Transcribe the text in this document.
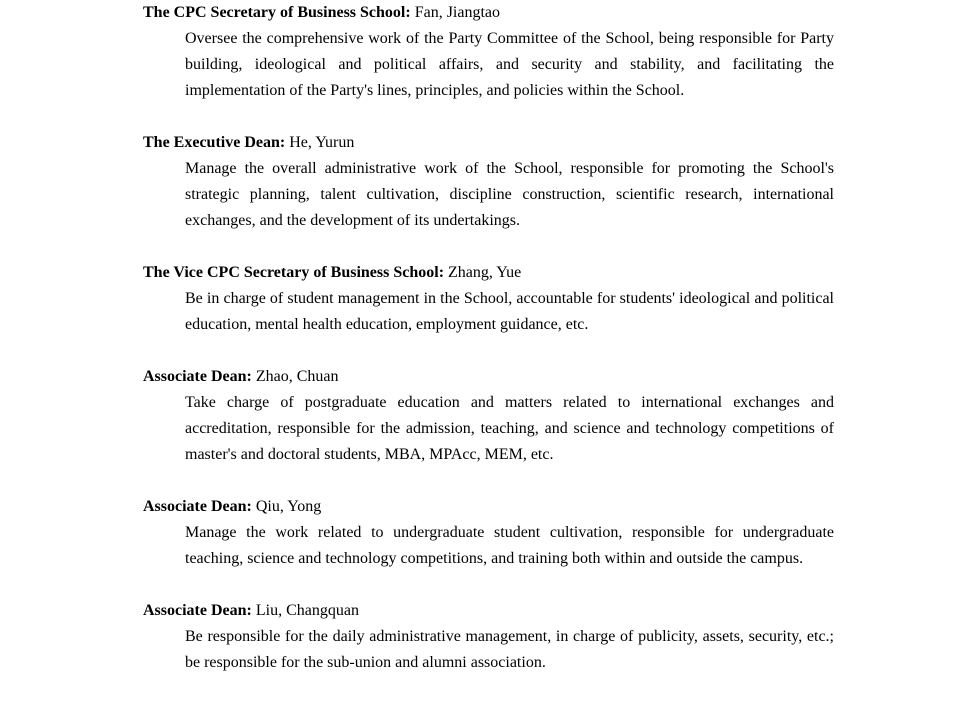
The CPC Secretary of Business School: Fan, Jiangtao

Oversee the comprehensive work of the Party Committee of the School, being responsible for Party building, ideological and political affairs, and security and stability, and facilitating the implementation of the Party's lines, principles, and policies within the School.

The Executive Dean: He, Yurun

Manage the overall administrative work of the School, responsible for promoting the School's strategic planning, talent cultivation, discipline construction, scientific research, international exchanges, and the development of its undertakings.

The Vice CPC Secretary of Business School: Zhang, Yue

Be in charge of student management in the School, accountable for students' ideological and political education, mental health education, employment guidance, etc.

Associate Dean: Zhao, Chuan

Take charge of postgraduate education and matters related to international exchanges and accreditation, responsible for the admission, teaching, and science and technology competitions of master's and doctoral students, MBA, MPAcc, MEM, etc.

Associate Dean: Qiu, Yong

Manage the work related to undergraduate student cultivation, responsible for undergraduate teaching, science and technology competitions, and training both within and outside the campus.

Associate Dean: Liu, Changquan

Be responsible for the daily administrative management, in charge of publicity, assets, security, etc.; be responsible for the sub-union and alumni association.
